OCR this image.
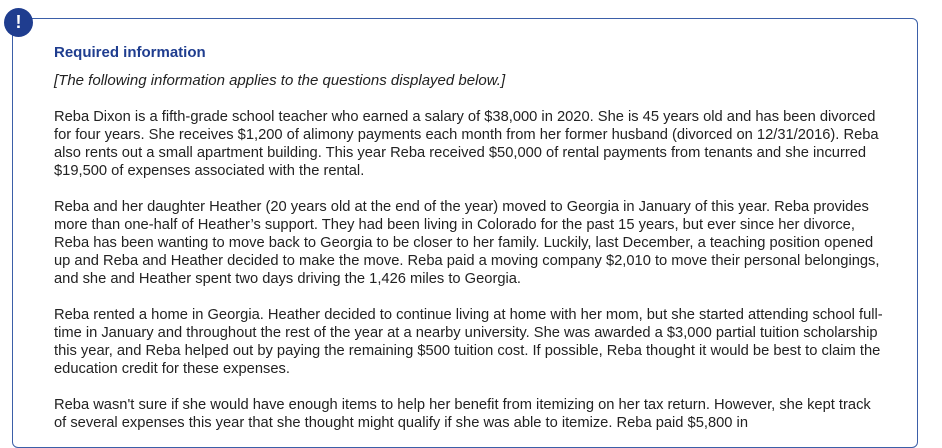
!
Required information
[The following information applies to the questions displayed below.]

Reba Dixon is a fifth-grade school teacher who earned a salary of $38,000 in 2020. She is 45 years old and has been divorced for four years. She receives $1,200 of alimony payments each month from her former husband (divorced on 12/31/2016). Reba also rents out a small apartment building. This year Reba received $50,000 of rental payments from tenants and she incurred $19,500 of expenses associated with the rental.

Reba and her daughter Heather (20 years old at the end of the year) moved to Georgia in January of this year. Reba provides more than one-half of Heather’s support. They had been living in Colorado for the past 15 years, but ever since her divorce, Reba has been wanting to move back to Georgia to be closer to her family. Luckily, last December, a teaching position opened up and Reba and Heather decided to make the move. Reba paid a moving company $2,010 to move their personal belongings, and she and Heather spent two days driving the 1,426 miles to Georgia.

Reba rented a home in Georgia. Heather decided to continue living at home with her mom, but she started attending school full-time in January and throughout the rest of the year at a nearby university. She was awarded a $3,000 partial tuition scholarship this year, and Reba helped out by paying the remaining $500 tuition cost. If possible, Reba thought it would be best to claim the education credit for these expenses.

Reba wasn't sure if she would have enough items to help her benefit from itemizing on her tax return. However, she kept track of several expenses this year that she thought might qualify if she was able to itemize. Reba paid $5,800 in
